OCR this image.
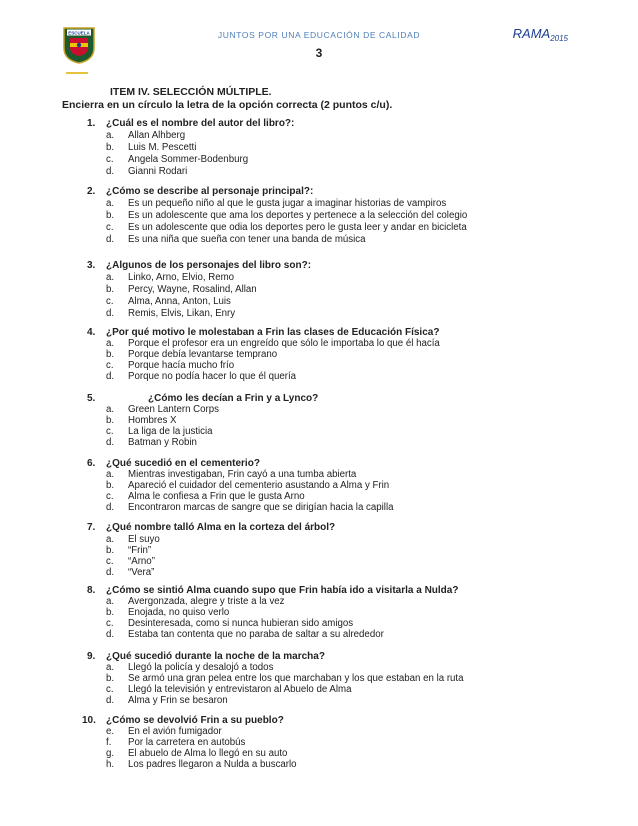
ESCUELA	JUNTOS POR UNA EDUCACIÓN DE CALIDAD	$RAMA_{2015}$
3
ITEM IV. SELECCIÓN MÚLTIPLE.
Encierra en un círculo la letra de la opción correcta (2 puntos c/u).
1. ¿Cuál es el nombre del autor del libro?:
a. Allan Alhberg
b. Luis M. Pescetti
c. Angela Sommer-Bodenburg
d. Gianni Rodari
2. ¿Cómo se describe al personaje principal?:
a. Es un pequeño niño al que le gusta jugar a imaginar historias de vampiros
b. Es un adolescente que ama los deportes y pertenece a la selección del colegio
c. Es un adolescente que odia los deportes pero le gusta leer y andar en bicicleta
d. Es una niña que sueña con tener una banda de música
3. ¿Algunos de los personajes del libro son?:
a. Linko, Arno, Elvio, Remo
b. Percy, Wayne, Rosalind, Allan
c. Alma, Anna, Anton, Luis
d. Remis, Elvis, Likan, Enry
4. ¿Por qué motivo le molestaban a Frin las clases de Educación Física?
a. Porque el profesor era un engreído que sólo le importaba lo que él hacía
b. Porque debía levantarse temprano
c. Porque hacía mucho frío
d. Porque no podía hacer lo que él quería
5.	¿Cómo les decían a Frin y a Lynco?
a. Green Lantern Corps
b. Hombres X
c. La liga de la justicia
d. Batman y Robin
6. ¿Qué sucedió en el cementerio?
a. Mientras investigaban, Frin cayó a una tumba abierta
b. Apareció el cuidador del cementerio asustando a Alma y Frin
c. Alma le confiesa a Frin que le gusta Arno
d. Encontraron marcas de sangre que se dirigían hacia la capilla
7. ¿Qué nombre talló Alma en la corteza del árbol?
a. El suyo
b. “Frin”
c. “Arno”
d. “Vera”
8. ¿Cómo se sintió Alma cuando supo que Frin había ido a visitarla a Nulda?
a. Avergonzada, alegre y triste a la vez
b. Enojada, no quiso verlo
c. Desinteresada, como si nunca hubieran sido amigos
d. Estaba tan contenta que no paraba de saltar a su alrededor
9. ¿Qué sucedió durante la noche de la marcha?
a. Llegó la policía y desalojó a todos
b. Se armó una gran pelea entre los que marchaban y los que estaban en la ruta
c. Llegó la televisión y entrevistaron al Abuelo de Alma
d. Alma y Frin se besaron
10. ¿Cómo se devolvió Frin a su pueblo?
e. En el avión fumigador
f. Por la carretera en autobús
g. El abuelo de Alma lo llegó en su auto
h. Los padres llegaron a Nulda a buscarlo
